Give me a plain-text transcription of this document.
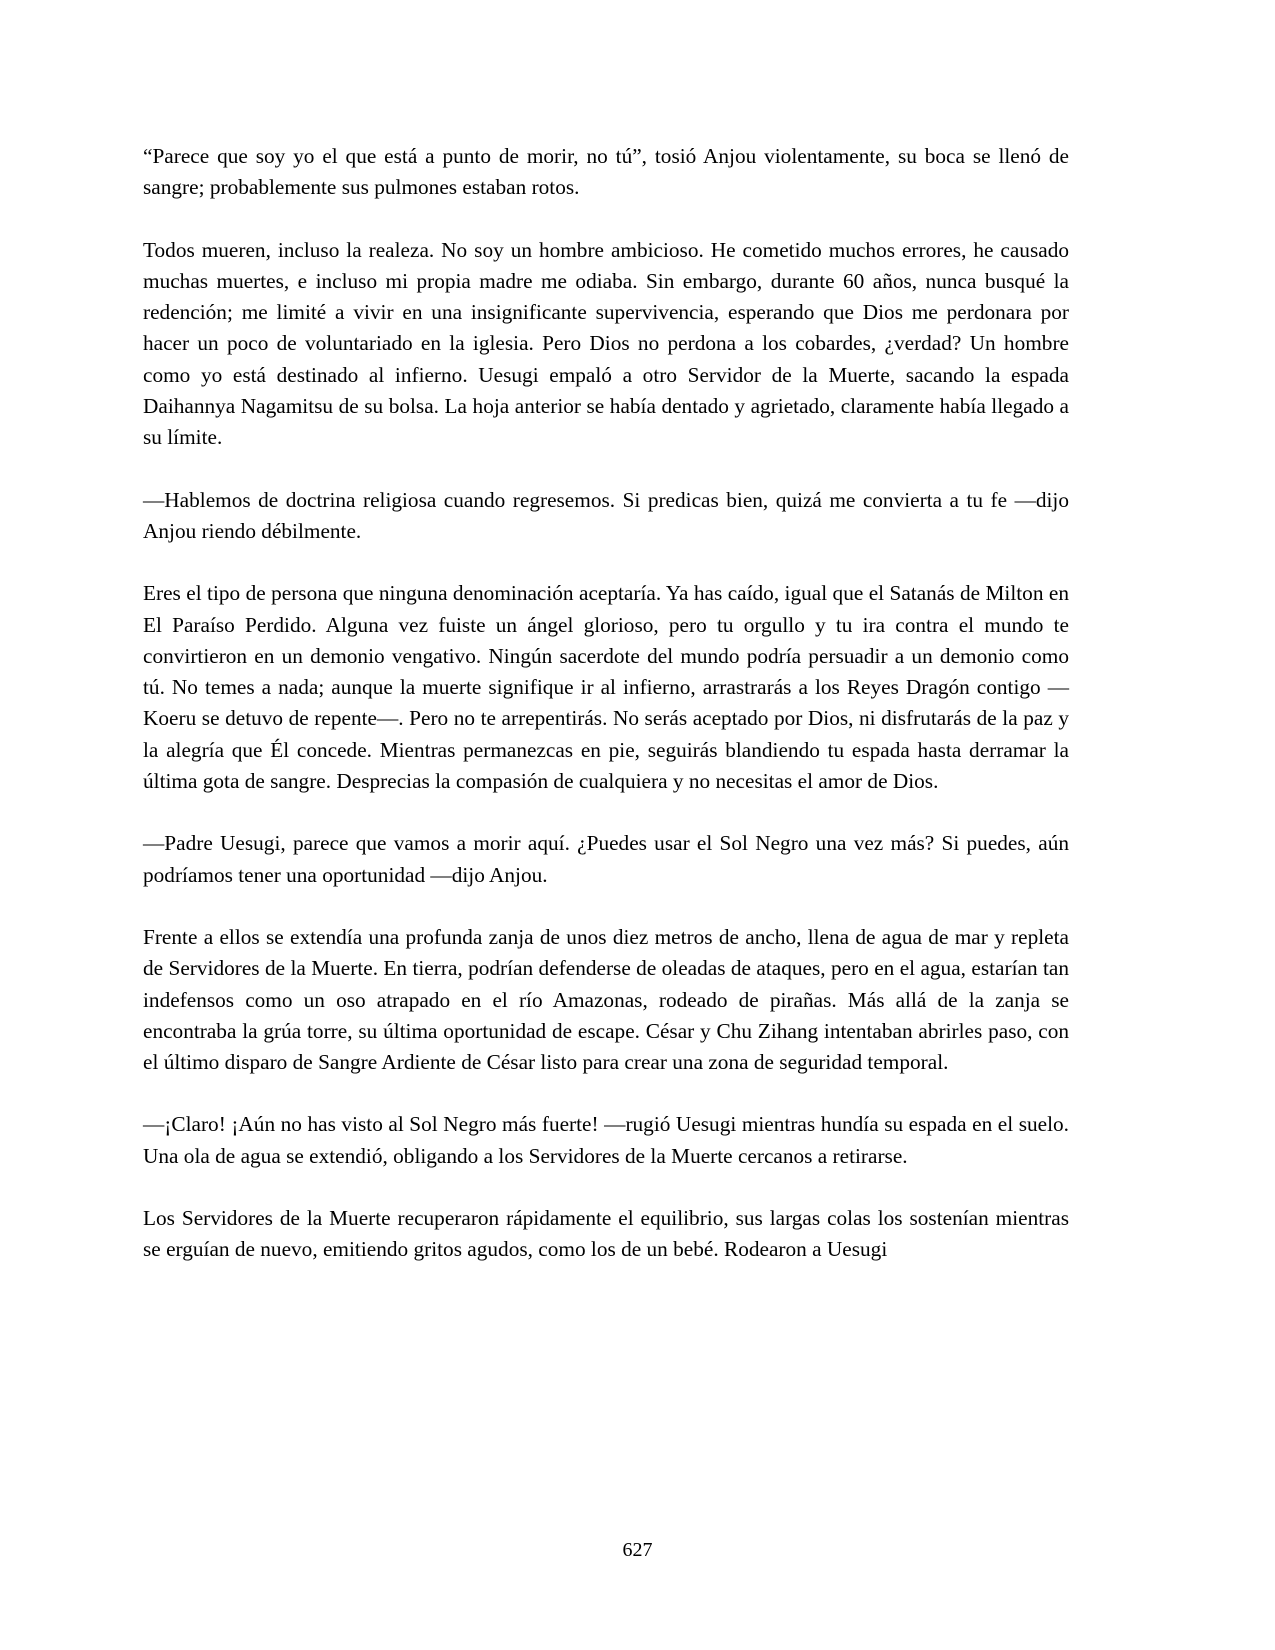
“Parece que soy yo el que está a punto de morir, no tú”, tosió Anjou violentamente, su boca se llenó de sangre; probablemente sus pulmones estaban rotos.

Todos mueren, incluso la realeza. No soy un hombre ambicioso. He cometido muchos errores, he causado muchas muertes, e incluso mi propia madre me odiaba. Sin embargo, durante 60 años, nunca busqué la redención; me limité a vivir en una insignificante supervivencia, esperando que Dios me perdonara por hacer un poco de voluntariado en la iglesia. Pero Dios no perdona a los cobardes, ¿verdad? Un hombre como yo está destinado al infierno. Uesugi empaló a otro Servidor de la Muerte, sacando la espada Daihannya Nagamitsu de su bolsa. La hoja anterior se había dentado y agrietado, claramente había llegado a su límite.

—Hablemos de doctrina religiosa cuando regresemos. Si predicas bien, quizá me convierta a tu fe —dijo Anjou riendo débilmente.

Eres el tipo de persona que ninguna denominación aceptaría. Ya has caído, igual que el Satanás de Milton en El Paraíso Perdido. Alguna vez fuiste un ángel glorioso, pero tu orgullo y tu ira contra el mundo te convirtieron en un demonio vengativo. Ningún sacerdote del mundo podría persuadir a un demonio como tú. No temes a nada; aunque la muerte signifique ir al infierno, arrastrarás a los Reyes Dragón contigo —Koeru se detuvo de repente—. Pero no te arrepentirás. No serás aceptado por Dios, ni disfrutarás de la paz y la alegría que Él concede. Mientras permanezcas en pie, seguirás blandiendo tu espada hasta derramar la última gota de sangre. Desprecias la compasión de cualquiera y no necesitas el amor de Dios.

—Padre Uesugi, parece que vamos a morir aquí. ¿Puedes usar el Sol Negro una vez más? Si puedes, aún podríamos tener una oportunidad —dijo Anjou.

Frente a ellos se extendía una profunda zanja de unos diez metros de ancho, llena de agua de mar y repleta de Servidores de la Muerte. En tierra, podrían defenderse de oleadas de ataques, pero en el agua, estarían tan indefensos como un oso atrapado en el río Amazonas, rodeado de pirañas. Más allá de la zanja se encontraba la grúa torre, su última oportunidad de escape. César y Chu Zihang intentaban abrirles paso, con el último disparo de Sangre Ardiente de César listo para crear una zona de seguridad temporal.

—¡Claro! ¡Aún no has visto al Sol Negro más fuerte! —rugió Uesugi mientras hundía su espada en el suelo. Una ola de agua se extendió, obligando a los Servidores de la Muerte cercanos a retirarse.

Los Servidores de la Muerte recuperaron rápidamente el equilibrio, sus largas colas los sostenían mientras se erguían de nuevo, emitiendo gritos agudos, como los de un bebé. Rodearon a Uesugi

627
